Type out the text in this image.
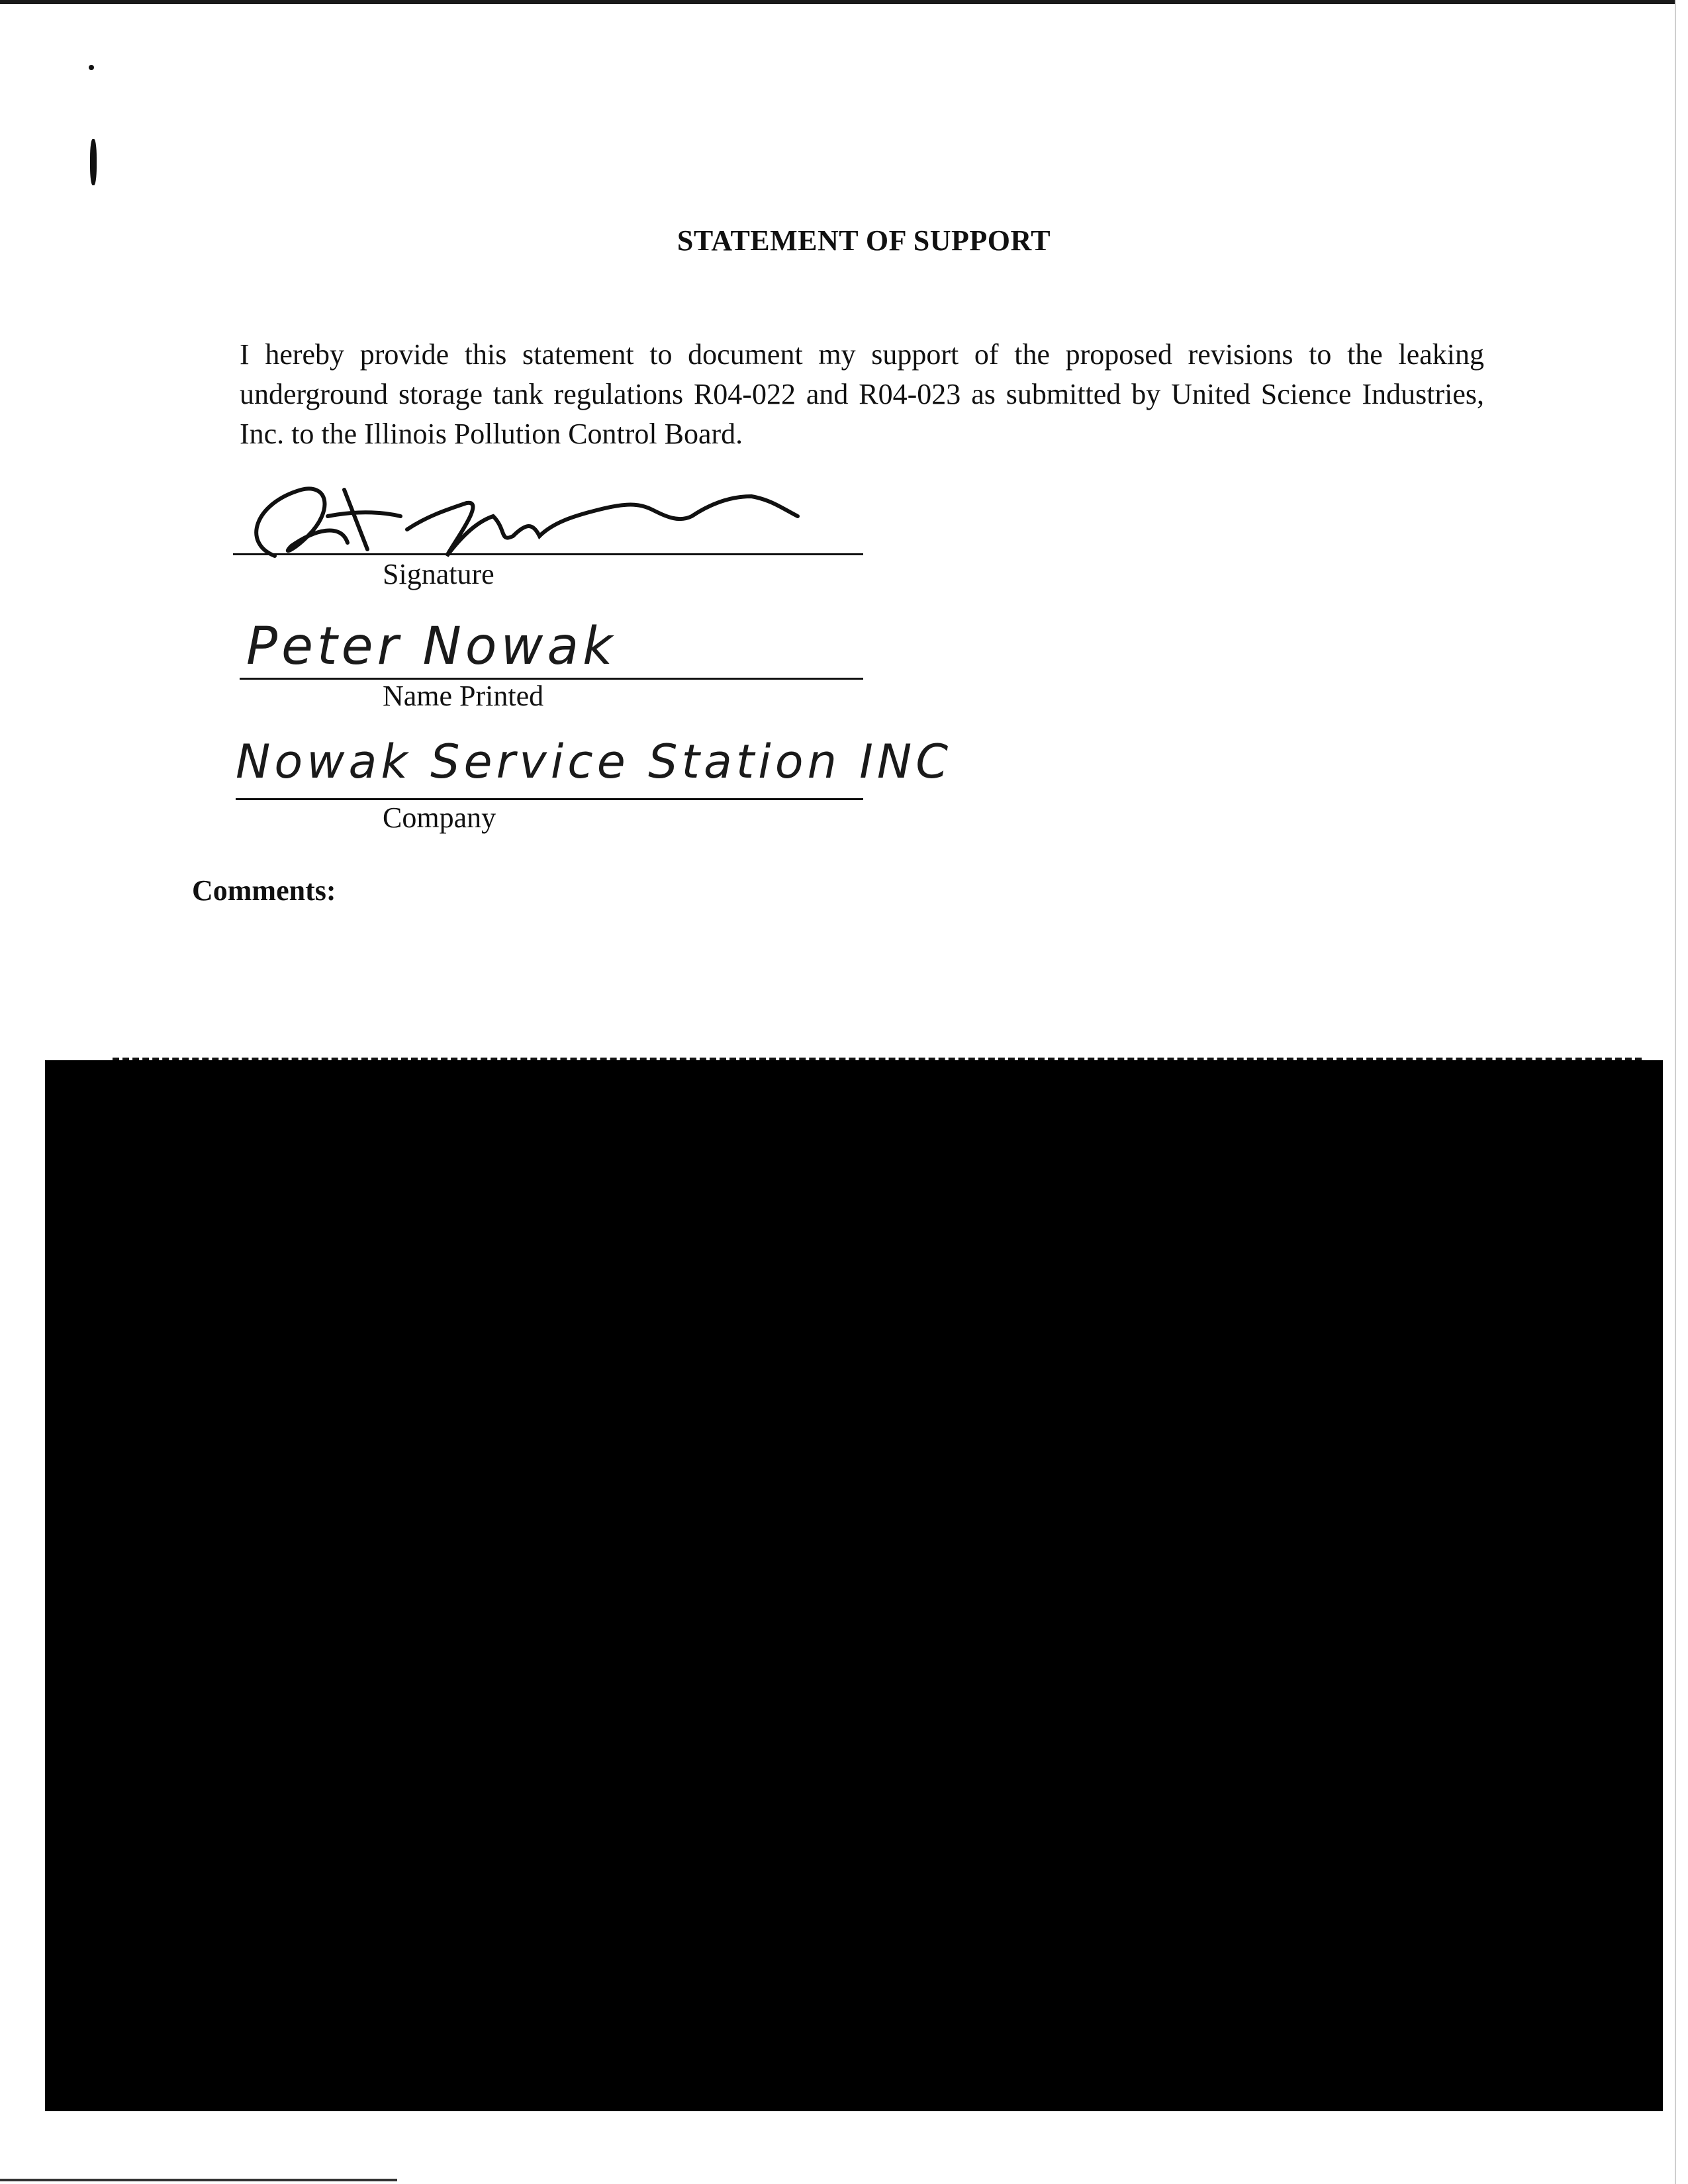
STATEMENT OF SUPPORT
I hereby provide this statement to document my support of the proposed revisions to the leaking underground storage tank regulations R04-022 and R04-023 as submitted by United Science Industries, Inc. to the Illinois Pollution Control Board.
Signature
Peter Nowak
Name Printed
Nowak Service Station INC
Company
Comments:
